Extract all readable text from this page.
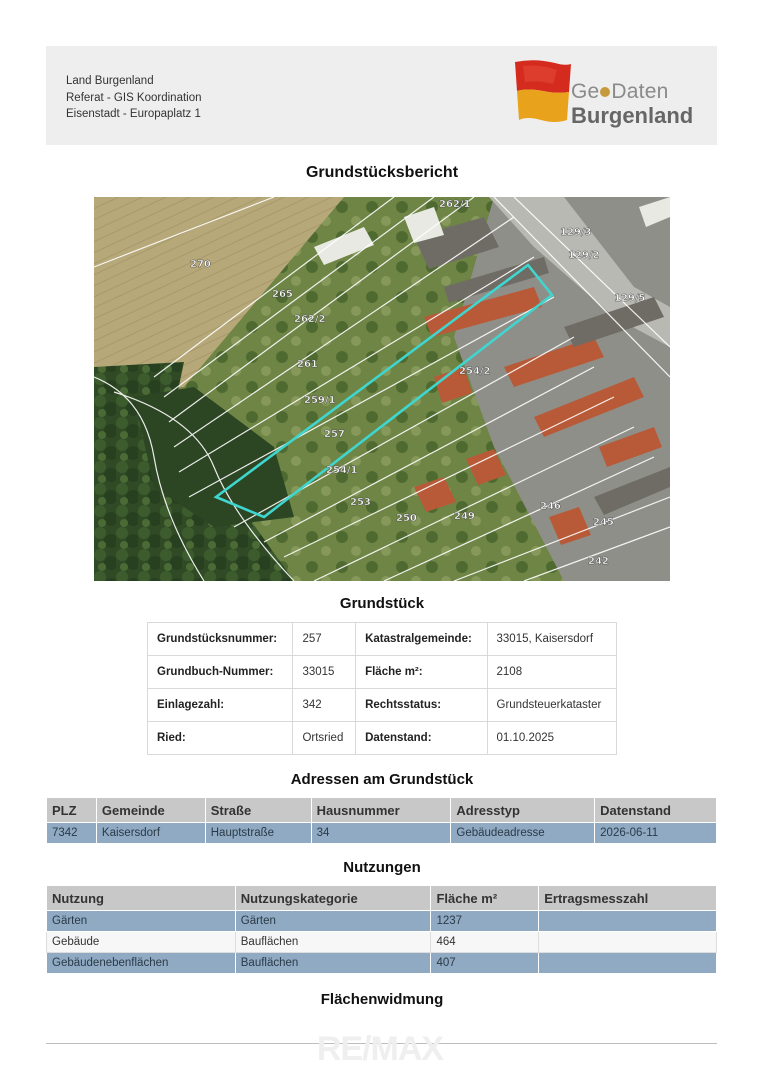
Land Burgenland
Referat - GIS Koordination
Eisenstadt - Europaplatz 1
Ge Daten
Burgenland
Grundstücksbericht
270
265
262/1
262/2
261
259/1
257
254/1
254/2
253
250	249
246
245
242
129/3
129/2
129/5
Grundstück
Grundstücksnummer:	257	Katastralgemeinde:	33015, Kaisersdorf
Grundbuch-Nummer:	33015	Fläche m²:	2108
Einlagezahl:	342	Rechtsstatus:	Grundsteuerkataster
Ried:	Ortsried	Datenstand:	01.10.2025
Adressen am Grundstück
PLZ	Gemeinde	Straße	Hausnummer	Adresstyp	Datenstand
7342	Kaisersdorf	Hauptstraße	34	Gebäudeadresse	2026-06-11
Nutzungen
Nutzung	Nutzungskategorie	Fläche m²	Ertragsmesszahl
Gärten	Gärten	1237	
Gebäude	Bauflächen	464	
Gebäudenebenflächen	Bauflächen	407	
Flächenwidmung
RE/MAX
